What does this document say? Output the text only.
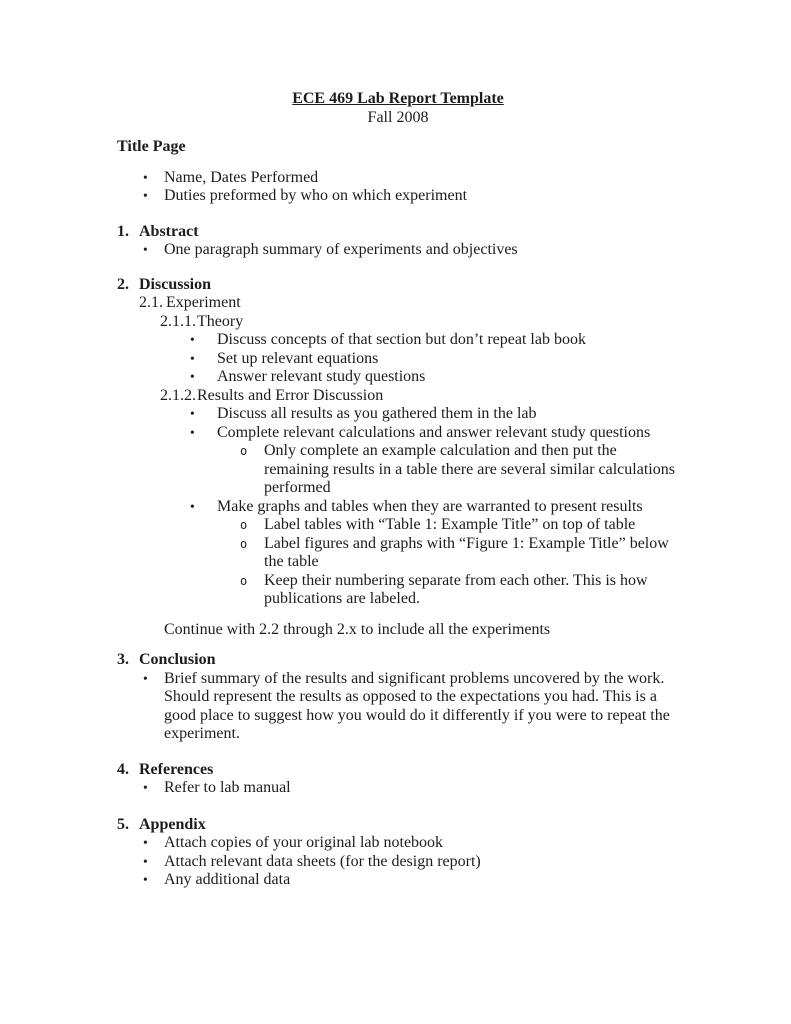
ECE 469 Lab Report Template
Fall 2008
Title Page
•	Name, Dates Performed
•	Duties preformed by who on which experiment
1. Abstract
•	One paragraph summary of experiments and objectives
2. Discussion
2.1. Experiment
2.1.1. Theory
•	Discuss concepts of that section but don’t repeat lab book
•	Set up relevant equations
•	Answer relevant study questions
2.1.2. Results and Error Discussion
•	Discuss all results as you gathered them in the lab
•	Complete relevant calculations and answer relevant study questions
o	Only complete an example calculation and then put the remaining results in a table there are several similar calculations performed
•	Make graphs and tables when they are warranted to present results
o	Label tables with “Table 1: Example Title” on top of table
o	Label figures and graphs with “Figure 1: Example Title” below the table
o	Keep their numbering separate from each other. This is how publications are labeled.
Continue with 2.2 through 2.x to include all the experiments
3. Conclusion
•	Brief summary of the results and significant problems uncovered by the work. Should represent the results as opposed to the expectations you had. This is a good place to suggest how you would do it differently if you were to repeat the experiment.
4. References
•	Refer to lab manual
5. Appendix
•	Attach copies of your original lab notebook
•	Attach relevant data sheets (for the design report)
•	Any additional data
